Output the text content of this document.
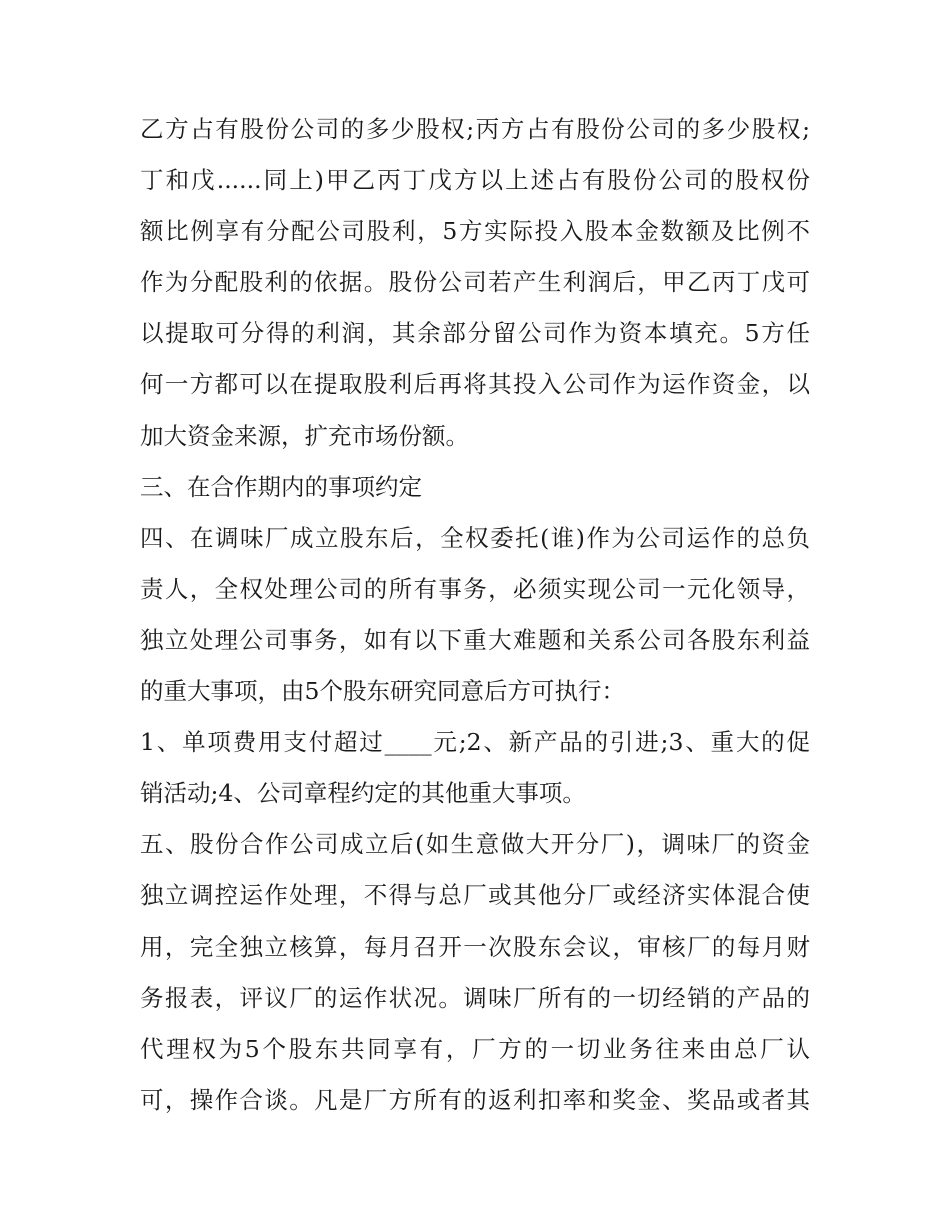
乙方占有股份公司的多少股权;丙方占有股份公司的多少股权;
丁和戊......同上)甲乙丙丁戊方以上述占有股份公司的股权份
额比例享有分配公司股利，5方实际投入股本金数额及比例不
作为分配股利的依据。股份公司若产生利润后，甲乙丙丁戊可
以提取可分得的利润，其余部分留公司作为资本填充。5方任
何一方都可以在提取股利后再将其投入公司作为运作资金，以
加大资金来源，扩充市场份额。
三、在合作期内的事项约定
四、在调味厂成立股东后，全权委托(谁)作为公司运作的总负
责人，全权处理公司的所有事务，必须实现公司一元化领导，
独立处理公司事务，如有以下重大难题和关系公司各股东利益
的重大事项，由5个股东研究同意后方可执行：
1、单项费用支付超过____元;2、新产品的引进;3、重大的促
销活动;4、公司章程约定的其他重大事项。
五、股份合作公司成立后(如生意做大开分厂)，调味厂的资金
独立调控运作处理，不得与总厂或其他分厂或经济实体混合使
用，完全独立核算，每月召开一次股东会议，审核厂的每月财
务报表，评议厂的运作状况。调味厂所有的一切经销的产品的
代理权为5个股东共同享有，厂方的一切业务往来由总厂认
可，操作合谈。凡是厂方所有的返利扣率和奖金、奖品或者其
